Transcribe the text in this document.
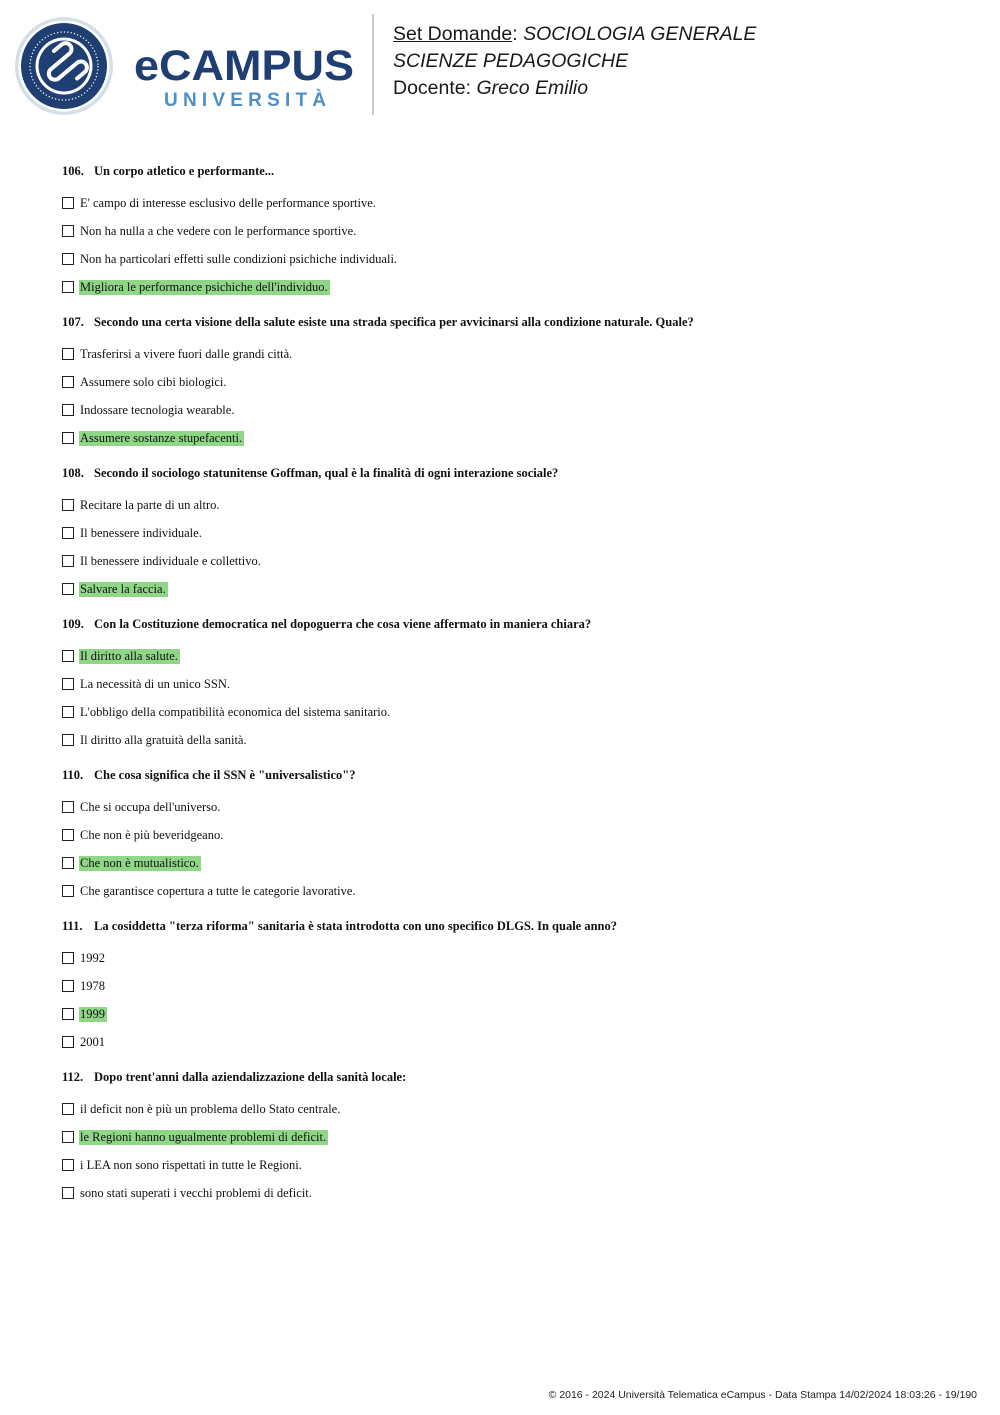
eCAMPUS
UNIVERSITÀ
Set Domande: SOCIOLOGIA GENERALE
SCIENZE PEDAGOGICHE
Docente: Greco Emilio
106. Un corpo atletico e performante...
E' campo di interesse esclusivo delle performance sportive.
Non ha nulla a che vedere con le performance sportive.
Non ha particolari effetti sulle condizioni psichiche individuali.
Migliora le performance psichiche dell'individuo.
107. Secondo una certa visione della salute esiste una strada specifica per avvicinarsi alla condizione naturale. Quale?
Trasferirsi a vivere fuori dalle grandi città.
Assumere solo cibi biologici.
Indossare tecnologia wearable.
Assumere sostanze stupefacenti.
108. Secondo il sociologo statunitense Goffman, qual è la finalità di ogni interazione sociale?
Recitare la parte di un altro.
Il benessere individuale.
Il benessere individuale e collettivo.
Salvare la faccia.
109. Con la Costituzione democratica nel dopoguerra che cosa viene affermato in maniera chiara?
Il diritto alla salute.
La necessità di un unico SSN.
L'obbligo della compatibilità economica del sistema sanitario.
Il diritto alla gratuità della sanità.
110. Che cosa significa che il SSN è "universalistico"?
Che si occupa dell'universo.
Che non è più beveridgeano.
Che non è mutualistico.
Che garantisce copertura a tutte le categorie lavorative.
111. La cosiddetta "terza riforma" sanitaria è stata introdotta con uno specifico DLGS. In quale anno?
1992
1978
1999
2001
112. Dopo trent'anni dalla aziendalizzazione della sanità locale:
il deficit non è più un problema dello Stato centrale.
le Regioni hanno ugualmente problemi di deficit.
i LEA non sono rispettati in tutte le Regioni.
sono stati superati i vecchi problemi di deficit.
© 2016 - 2024 Università Telematica eCampus - Data Stampa 14/02/2024 18:03:26 - 19/190
